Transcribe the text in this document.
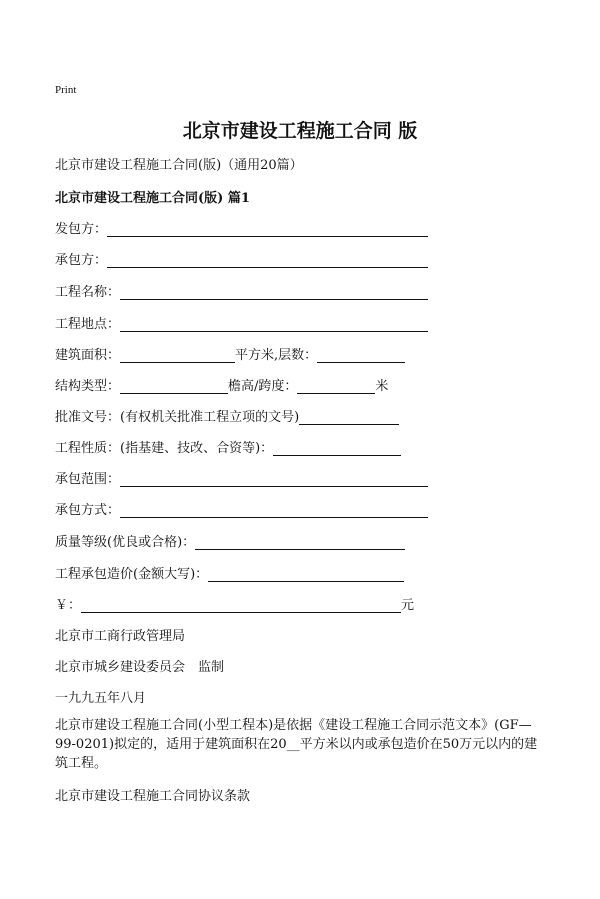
Print
北京市建设工程施工合同 版
北京市建设工程施工合同(版)（通用20篇）
北京市建设工程施工合同(版) 篇1
发包方：
承包方：
工程名称：
工程地点：
建筑面积：	平方米,层数：
结构类型：	檐高/跨度：	米
批准文号：(有权机关批准工程立项的文号)
工程性质：(指基建、技改、合资等)：
承包范围：
承包方式：
质量等级(优良或合格)：
工程承包造价(金额大写)：
￥：	元
北京市工商行政管理局
北京市城乡建设委员会　监制
一九九五年八月
北京市建设工程施工合同(小型工程本)是依据《建设工程施工合同示范文本》(GF—99-0201)拟定的，适用于建筑面积在20__平方米以内或承包造价在50万元以内的建筑工程。
北京市建设工程施工合同协议条款
